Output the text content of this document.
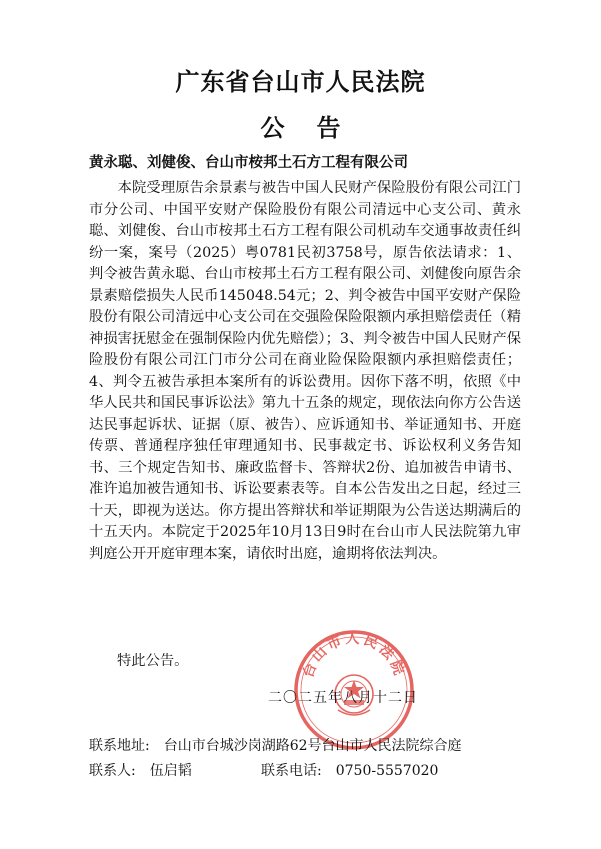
广东省台山市人民法院
公告
黄永聪、刘健俊、台山市桉邦土石方工程有限公司

本院受理原告余景素与被告中国人民财产保险股份有限公司江门市分公司、中国平安财产保险股份有限公司清远中心支公司、黄永聪、刘健俊、台山市桉邦土石方工程有限公司机动车交通事故责任纠纷一案，案号（2025）粤0781民初3758号，原告依法请求：1、判令被告黄永聪、台山市桉邦土石方工程有限公司、刘健俊向原告余景素赔偿损失人民币145048.54元；2、判令被告中国平安财产保险股份有限公司清远中心支公司在交强险保险限额内承担赔偿责任（精神损害抚慰金在强制保险内优先赔偿）；3、判令被告中国人民财产保险股份有限公司江门市分公司在商业险保险限额内承担赔偿责任；4、判令五被告承担本案所有的诉讼费用。因你下落不明，依照《中华人民共和国民事诉讼法》第九十五条的规定，现依法向你方公告送达民事起诉状、证据（原、被告）、应诉通知书、举证通知书、开庭传票、普通程序独任审理通知书、民事裁定书、诉讼权利义务告知书、三个规定告知书、廉政监督卡、答辩状2份、追加被告申请书、准许追加被告通知书、诉讼要素表等。自本公告发出之日起，经过三十天，即视为送达。你方提出答辩状和举证期限为公告送达期满后的十五天内。本院定于2025年10月13日9时在台山市人民法院第九审判庭公开开庭审理本案，请依时出庭，逾期将依法判决。

特此公告。	台山市人民法院
二〇二五年八月十二日
联系地址: 台山市台城沙岗湖路62号台山市人民法院综合庭
联系人: 伍启韬	联系电话: 0750-5557020
